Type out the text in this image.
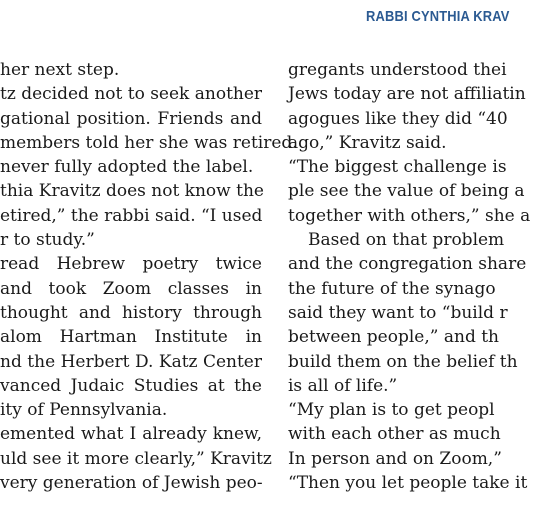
RABBI CYNTHIA KRAV
her next step.
tz decided not to seek another
gational position. Friends and
members told her she was retired.
never fully adopted the label.
thia Kravitz does not know the
etired,” the rabbi said. “I used
r to study.”
read Hebrew poetry twice
and took Zoom classes in
thought and history through
alom Hartman Institute in
nd the Herbert D. Katz Center
vanced Judaic Studies at the
ity of Pennsylvania.
emented what I already knew,
uld see it more clearly,” Kravitz
very generation of Jewish peo-
gregants understood thei
Jews today are not affiliatin
agogues like they did “40
ago,” Kravitz said.
“The biggest challenge is
ple see the value of being a
together with others,” she a
Based on that problem
and the congregation share
the future of the synago
said they want to “build r
between people,” and th
build them on the belief th
is all of life.”
“My plan is to get peopl
with each other as much
In person and on Zoom,”
“Then you let people take it
